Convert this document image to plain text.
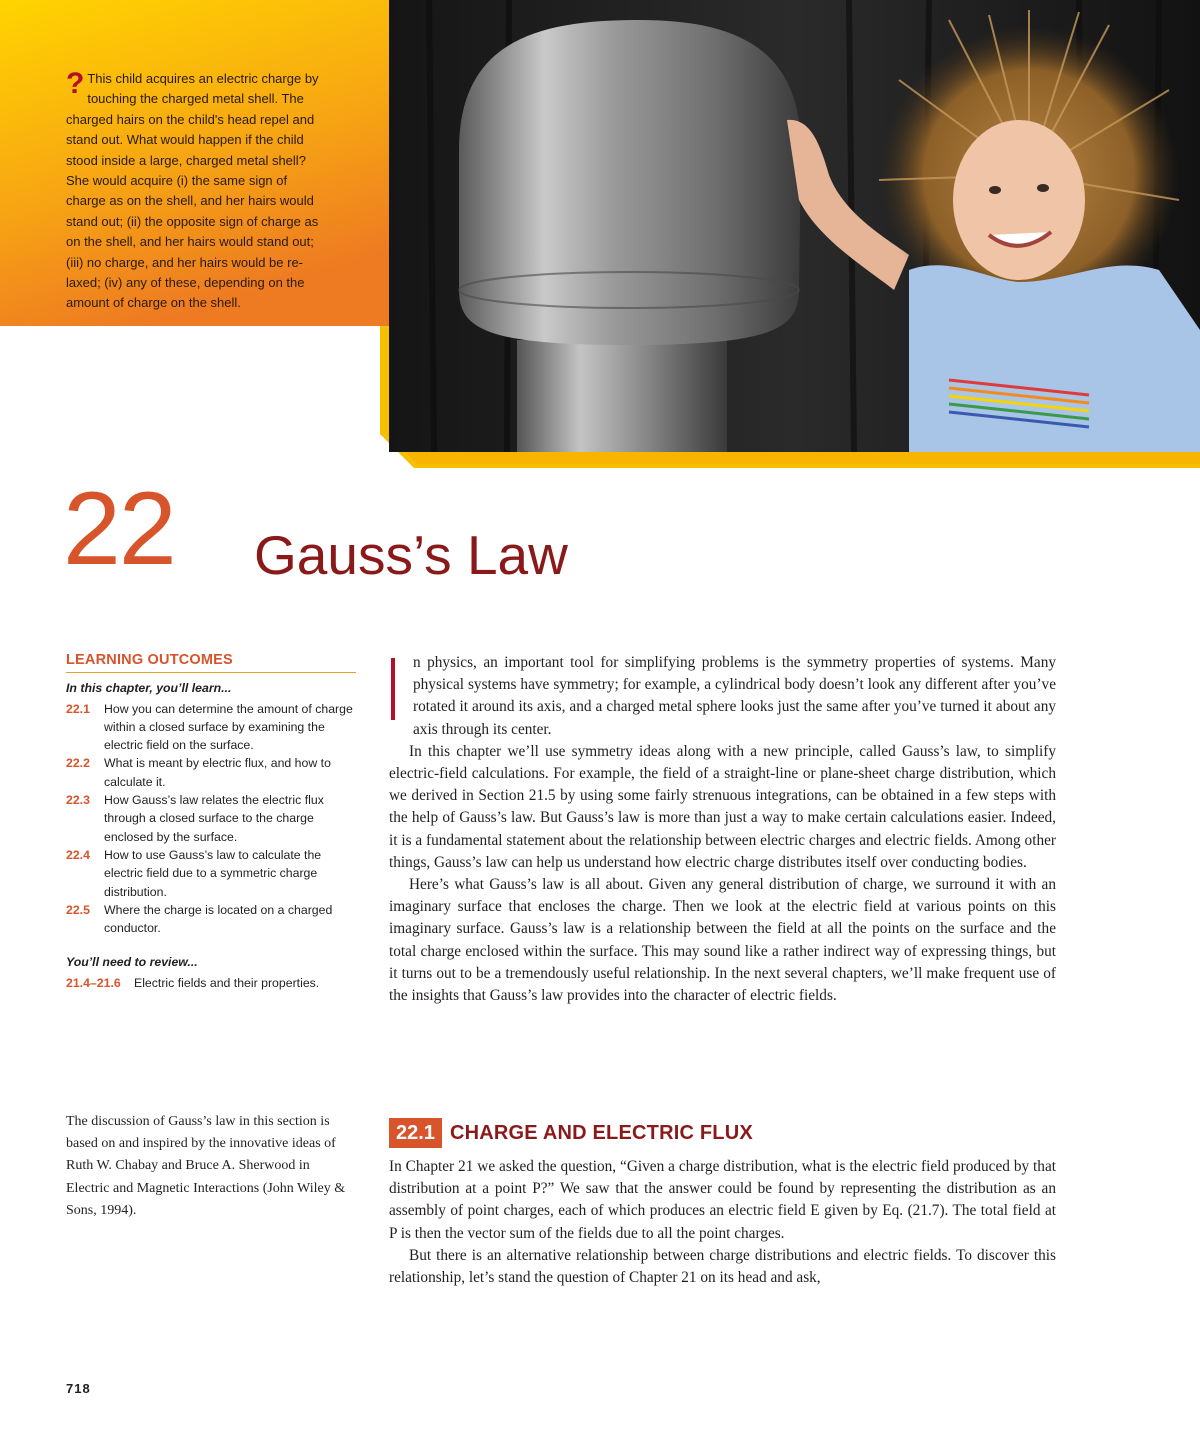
? This child acquires an electric charge by
touching the charged metal shell. The
charged hairs on the child's head repel and
stand out. What would happen if the child
stood inside a large, charged metal shell?
She would acquire (i) the same sign of
charge as on the shell, and her hairs would
stand out; (ii) the opposite sign of charge as
on the shell, and her hairs would stand out;
(iii) no charge, and her hairs would be re-
laxed; (iv) any of these, depending on the
amount of charge on the shell.
22 Gauss’s Law
LEARNING OUTCOMES
In this chapter, you’ll learn...
22.1	How you can determine the amount of charge within a closed surface by examining the electric field on the surface.
22.2	What is meant by electric flux, and how to calculate it.
22.3	How Gauss’s law relates the electric flux through a closed surface to the charge enclosed by the surface.
22.4	How to use Gauss’s law to calculate the electric field due to a symmetric charge distribution.
22.5	Where the charge is located on a charged conductor.
You’ll need to review...
21.4–21.6	Electric fields and their properties.
The discussion of Gauss’s law in this section is based on and inspired by the innovative ideas of Ruth W. Chabay and Bruce A. Sherwood in Electric and Magnetic Interactions (John Wiley & Sons, 1994).

n physics, an important tool for simplifying problems is the symmetry properties of systems. Many physical systems have symmetry; for example, a cylindrical body doesn’t look any different after you’ve rotated it around its axis, and a charged metal sphere looks just the same after you’ve turned it about any axis through its center.

In this chapter we’ll use symmetry ideas along with a new principle, called Gauss’s law, to simplify electric-field calculations. For example, the field of a straight-line or plane-sheet charge distribution, which we derived in Section 21.5 by using some fairly strenuous integrations, can be obtained in a few steps with the help of Gauss’s law. But Gauss’s law is more than just a way to make certain calculations easier. Indeed, it is a fundamental statement about the relationship between electric charges and electric fields. Among other things, Gauss’s law can help us understand how electric charge distributes itself over conducting bodies.

Here’s what Gauss’s law is all about. Given any general distribution of charge, we surround it with an imaginary surface that encloses the charge. Then we look at the electric field at various points on this imaginary surface. Gauss’s law is a relationship between the field at all the points on the surface and the total charge enclosed within the surface. This may sound like a rather indirect way of expressing things, but it turns out to be a tremendously useful relationship. In the next several chapters, we’ll make frequent use of the insights that Gauss’s law provides into the character of electric fields.

22.1 CHARGE AND ELECTRIC FLUX

In Chapter 21 we asked the question, “Given a charge distribution, what is the electric field produced by that distribution at a point P?” We saw that the answer could be found by representing the distribution as an assembly of point charges, each of which produces an electric field E given by Eq. (21.7). The total field at P is then the vector sum of the fields due to all the point charges.

But there is an alternative relationship between charge distributions and electric fields. To discover this relationship, let’s stand the question of Chapter 21 on its head and ask,

718
